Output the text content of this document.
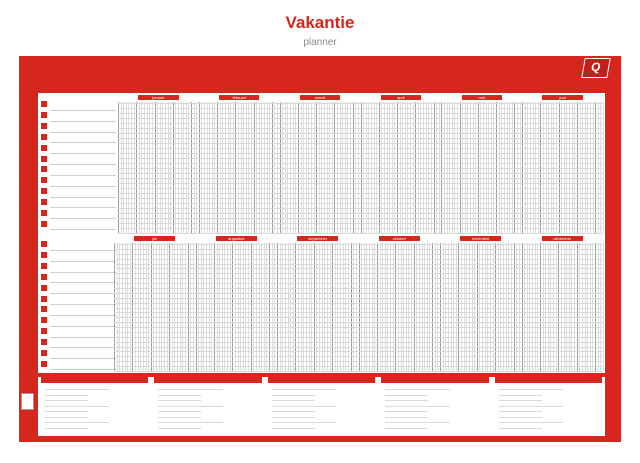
Vakantie
planner
Q
januari	februari	maart	april	mei	juni
juli	augustus	september	oktober	november	december
